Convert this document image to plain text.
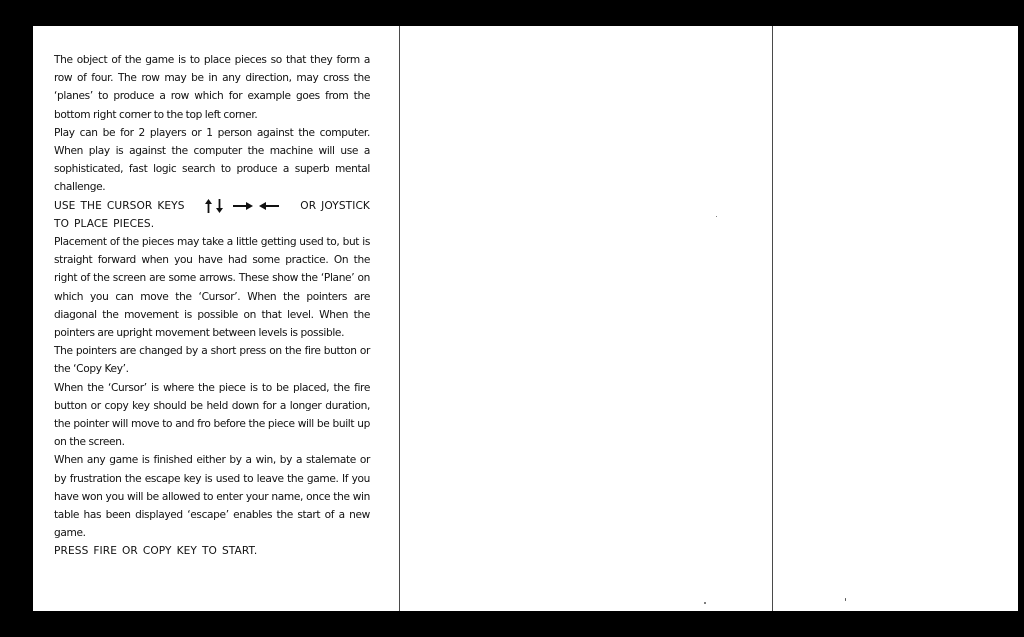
The object of the game is to place pieces so that they form a row of four. The row may be in any direction, may cross the ‘planes’ to produce a row which for example goes from the bottom right corner to the top left corner.

Play can be for 2 players or 1 person against the computer. When play is against the computer the machine will use a sophisticated, fast logic search to produce a superb mental challenge.

USE THE CURSOR KEYS	OR JOYSTICK
TO PLACE PIECES.

Placement of the pieces may take a little getting used to, but is straight forward when you have had some practice. On the right of the screen are some arrows. These show the ‘Plane’ on which you can move the ‘Cursor’. When the pointers are diagonal the movement is possible on that level. When the pointers are upright movement between levels is possible.

The pointers are changed by a short press on the fire button or the ‘Copy Key’.

When the ‘Cursor’ is where the piece is to be placed, the fire button or copy key should be held down for a longer duration, the pointer will move to and fro before the piece will be built up on the screen.

When any game is finished either by a win, by a stalemate or by frustration the escape key is used to leave the game. If you have won you will be allowed to enter your name, once the win table has been displayed ‘escape’ enables the start of a new game.

PRESS FIRE OR COPY KEY TO START.
